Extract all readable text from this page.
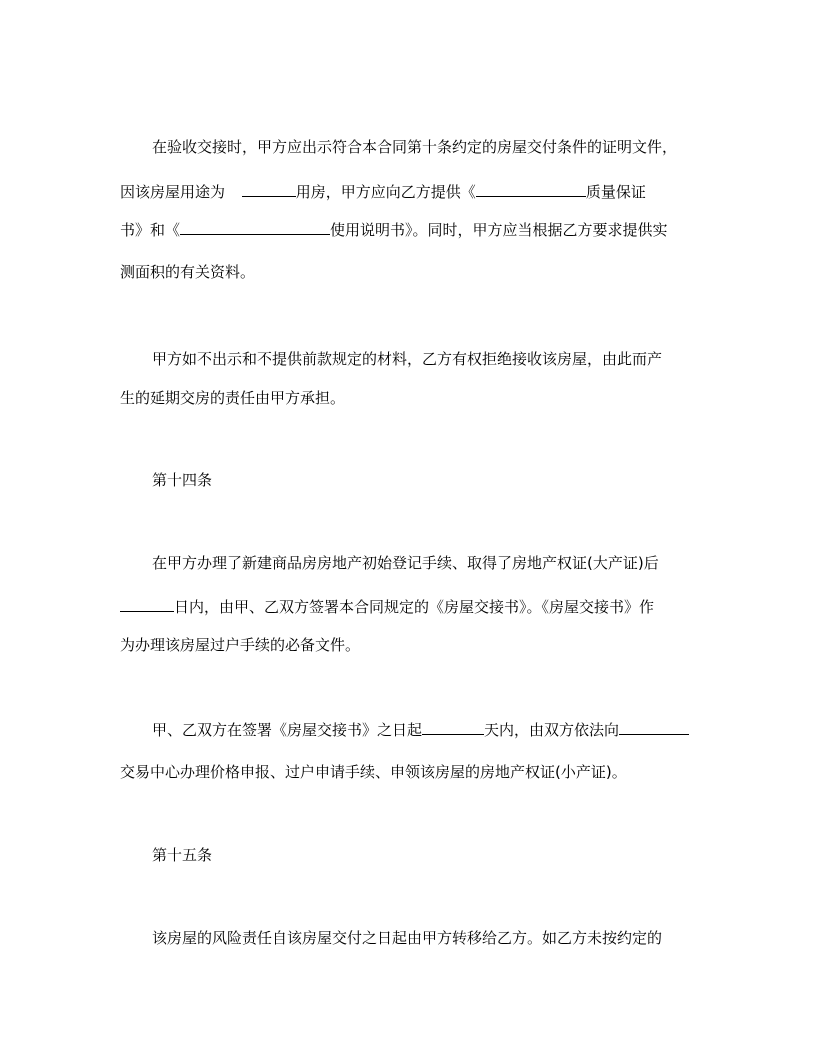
在验收交接时，甲方应出示符合本合同第十条约定的房屋交付条件的证明文件，
因该房屋用途为	用房，甲方应向乙方提供《	质量保证
书》和《	使用说明书》。同时，甲方应当根据乙方要求提供实
测面积的有关资料。
甲方如不出示和不提供前款规定的材料，乙方有权拒绝接收该房屋，由此而产
生的延期交房的责任由甲方承担。
第十四条
在甲方办理了新建商品房房地产初始登记手续、取得了房地产权证(大产证)后
日内，由甲、乙双方签署本合同规定的《房屋交接书》。《房屋交接书》作
为办理该房屋过户手续的必备文件。
甲、乙双方在签署《房屋交接书》之日起	天内，由双方依法向
交易中心办理价格申报、过户申请手续、申领该房屋的房地产权证(小产证)。
第十五条
该房屋的风险责任自该房屋交付之日起由甲方转移给乙方。如乙方未按约定的
